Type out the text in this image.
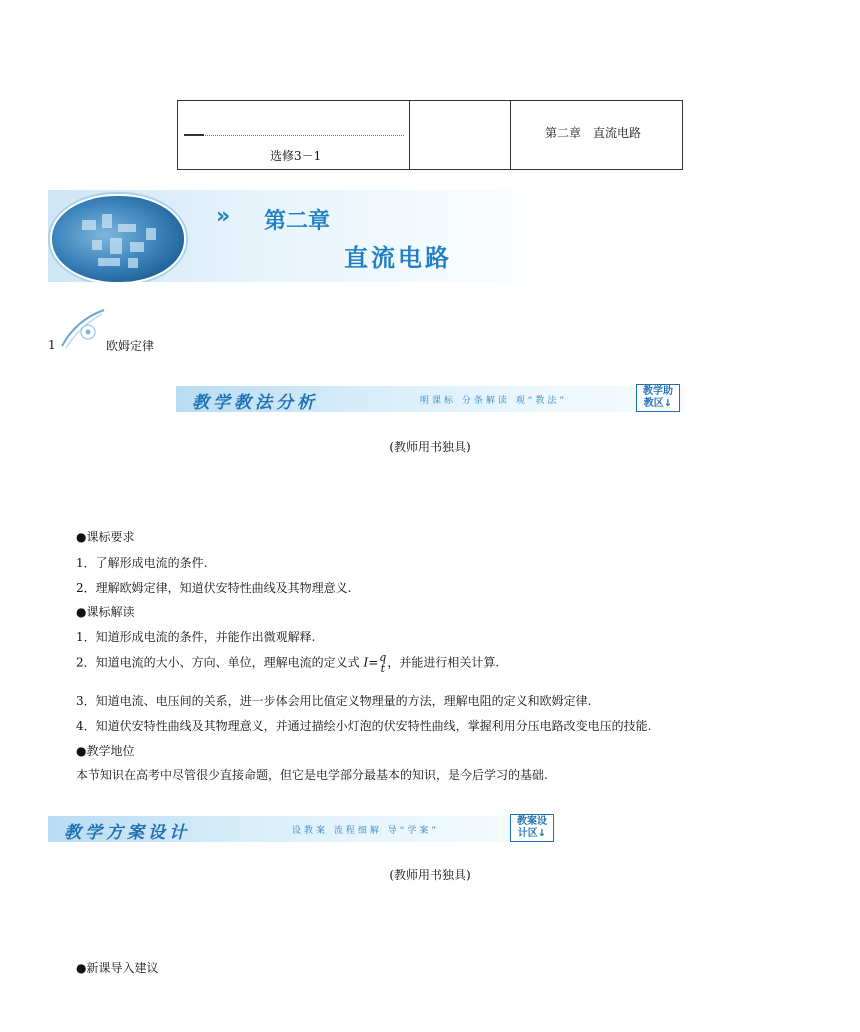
选修3－1
第二章　直流电路
» 第二章
直流电路
1	欧姆定律
教学教法分析	明课标 分条解读 观“教法”
教学助
教区↓
(教师用书独具)
●课标要求
1．了解形成电流的条件.
2．理解欧姆定律，知道伏安特性曲线及其物理意义.
●课标解读
1．知道形成电流的条件，并能作出微观解释.
2．知道电流的大小、方向、单位，理解电流的定义式 I= q
t ，并能进行相关计算.
3．知道电流、电压间的关系，进一步体会用比值定义物理量的方法，理解电阻的定义和欧姆定律.
4．知道伏安特性曲线及其物理意义，并通过描绘小灯泡的伏安特性曲线，掌握利用分压电路改变电压的技能.
●教学地位
本节知识在高考中尽管很少直接命题，但它是电学部分最基本的知识，是今后学习的基础.
教学方案设计	设教案 流程细解 导“学案”
教案设
计区↓
(教师用书独具)
●新课导入建议
